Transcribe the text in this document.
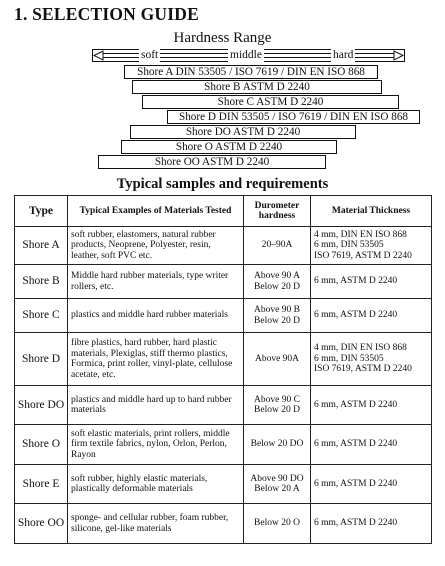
1. SELECTION GUIDE
Hardness Range
soft	middle	hard
Shore A DIN 53505 / ISO 7619 / DIN EN ISO 868
Shore B ASTM D 2240
Shore C ASTM D 2240
Shore D DIN 53505 / ISO 7619 / DIN EN ISO 868
Shore DO ASTM D 2240
Shore O ASTM D 2240
Shore OO ASTM D 2240
Typical samples and requirements
Type	Typical Examples of Materials Tested	Durometer hardness	Material Thickness
Shore A	soft rubber, elastomers, natural rubber products, Neoprene, Polyester, resin, leather, soft PVC etc.	20–90A	4 mm, DIN EN ISO 868
6 mm, DIN 53505
ISO 7619, ASTM D 2240
Shore B	Middle hard rubber materials, type writer rollers, etc.	Above 90 A
Below 20 D	6 mm, ASTM D 2240
Shore C	plastics and middle hard rubber materials	Above 90 B
Below 20 D	6 mm, ASTM D 2240
Shore D	fibre plastics, hard rubber, hard plastic materials, Plexiglas, stiff thermo plastics, Formica, print roller, vinyl-plate, cellulose acetate, etc.	Above 90A	4 mm, DIN EN ISO 868
6 mm, DIN 53505
ISO 7619, ASTM D 2240
Shore DO	plastics and middle hard up to hard rubber materials	Above 90 C
Below 20 D	6 mm, ASTM D 2240
Shore O	soft elastic materials, print rollers, middle firm textile fabrics, nylon, Orlon, Perlon, Rayon	Below 20 DO	6 mm, ASTM D 2240
Shore E	soft rubber, highly elastic materials, plastically deformable materials	Above 90 DO
Below 20 A	6 mm, ASTM D 2240
Shore OO	sponge- and cellular rubber, foam rubber, silicone, gel-like materials	Below 20 O	6 mm, ASTM D 2240
